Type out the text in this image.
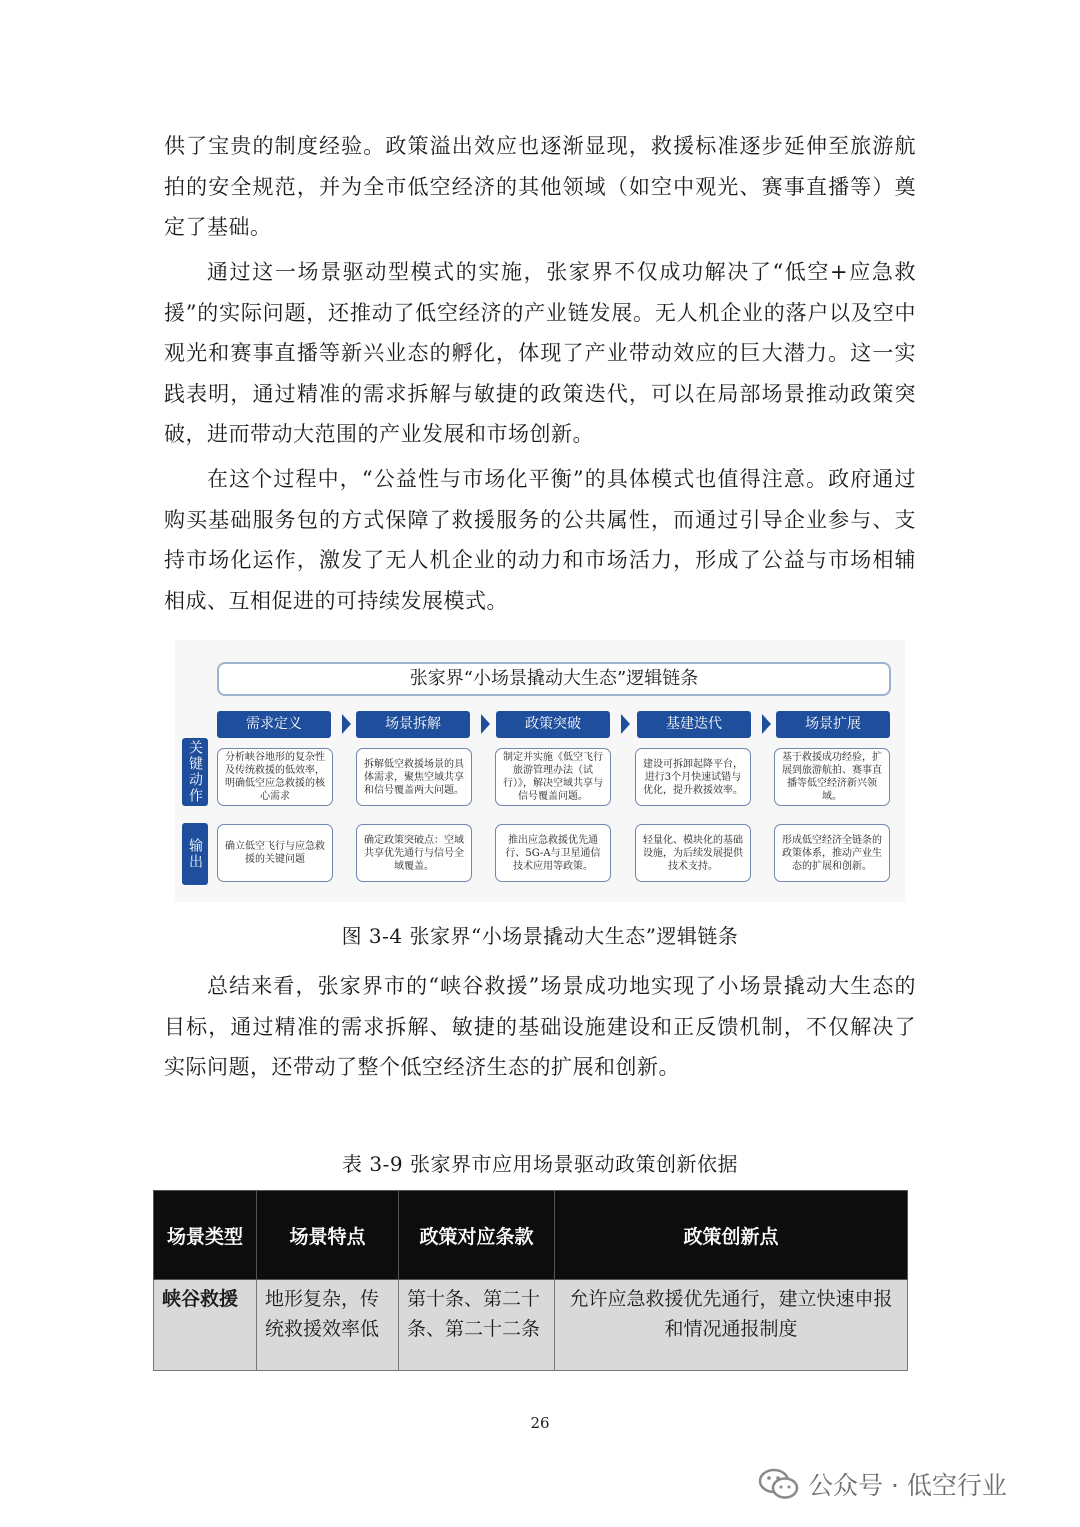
供了宝贵的制度经验。政策溢出效应也逐渐显现，救援标准逐步延伸至旅游航拍的安全规范，并为全市低空经济的其他领域（如空中观光、赛事直播等）奠定了基础。

通过这一场景驱动型模式的实施，张家界不仅成功解决了“低空+应急救援”的实际问题，还推动了低空经济的产业链发展。无人机企业的落户以及空中观光和赛事直播等新兴业态的孵化，体现了产业带动效应的巨大潜力。这一实践表明，通过精准的需求拆解与敏捷的政策迭代，可以在局部场景推动政策突破，进而带动大范围的产业发展和市场创新。

在这个过程中，“公益性与市场化平衡”的具体模式也值得注意。政府通过购买基础服务包的方式保障了救援服务的公共属性，而通过引导企业参与、支持市场化运作，激发了无人机企业的动力和市场活力，形成了公益与市场相辅相成、互相促进的可持续发展模式。

张家界“小场景撬动大生态”逻辑链条
需求定义	场景拆解	政策突破	基建迭代	场景扩展
关键动作
输出
分析峡谷地形的复杂性及传统救援的低效率，明确低空应急救援的核心需求
拆解低空救援场景的具体需求，聚焦空域共享和信号覆盖两大问题。
制定并实施《低空飞行旅游管理办法（试行）》，解决空域共享与信号覆盖问题。
建设可拆卸起降平台，进行3个月快速试错与优化，提升救援效率。
基于救援成功经验，扩展到旅游航拍、赛事直播等低空经济新兴领域。
确立低空飞行与应急救援的关键问题
确定政策突破点：空域共享优先通行与信号全域覆盖。
推出应急救援优先通行、5G-A与卫星通信技术应用等政策。
轻量化、模块化的基础设施，为后续发展提供技术支持。
形成低空经济全链条的政策体系，推动产业生态的扩展和创新。
图 3-4 张家界“小场景撬动大生态”逻辑链条

总结来看，张家界市的“峡谷救援”场景成功地实现了小场景撬动大生态的目标，通过精准的需求拆解、敏捷的基础设施建设和正反馈机制，不仅解决了实际问题，还带动了整个低空经济生态的扩展和创新。

表 3-9 张家界市应用场景驱动政策创新依据
场景类型	场景特点	政策对应条款	政策创新点
峡谷救援	地形复杂，传统救援效率低	第十条、第二十条、第二十二条	允许应急救援优先通行，建立快速申报和情况通报制度
26
公众号 · 低空行业
